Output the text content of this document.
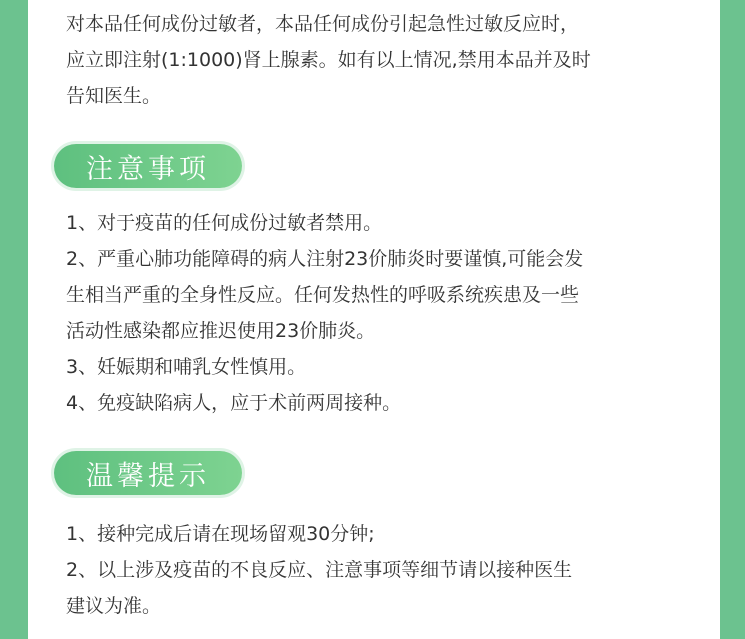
对本品任何成份过敏者，本品任何成份引起急性过敏反应时，
应立即注射(1:1000)肾上腺素。如有以上情况,禁用本品并及时
告知医生。
注意事项
1、对于疫苗的任何成份过敏者禁用。
2、严重心肺功能障碍的病人注射23价肺炎时要谨慎,可能会发
生相当严重的全身性反应。任何发热性的呼吸系统疾患及一些
活动性感染都应推迟使用23价肺炎。
3、妊娠期和哺乳女性慎用。
4、免疫缺陷病人，应于术前两周接种。
温馨提示
1、接种完成后请在现场留观30分钟;
2、以上涉及疫苗的不良反应、注意事项等细节请以接种医生
建议为准。
